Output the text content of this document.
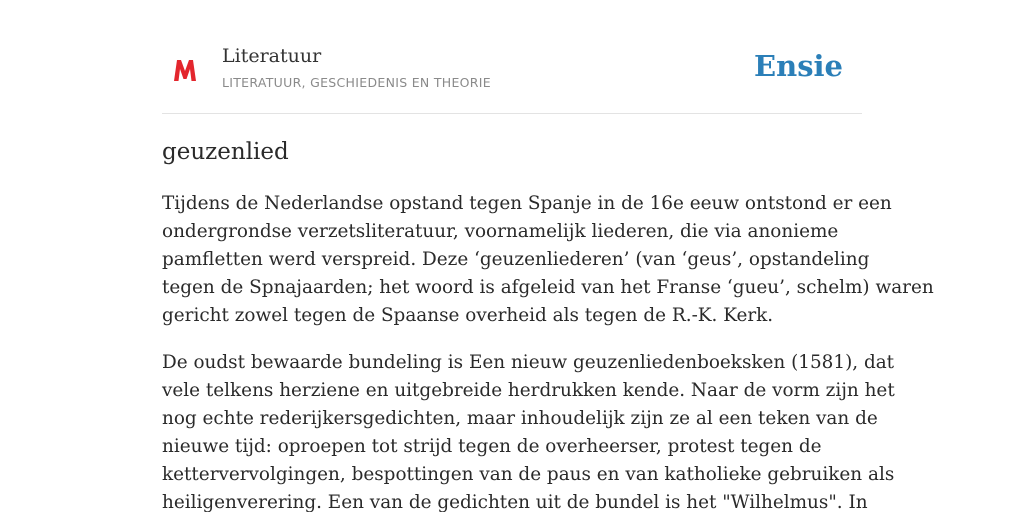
Literatuur
LITERATUUR, GESCHIEDENIS EN THEORIE	Ensie
geuzenlied

Tijdens de Nederlandse opstand tegen Spanje in de 16e eeuw ontstond er een
ondergrondse verzetsliteratuur, voornamelijk liederen, die via anonieme
pamfletten werd verspreid. Deze ‘geuzenliederen’ (van ‘geus’, opstandeling
tegen de Spnajaarden; het woord is afgeleid van het Franse ‘gueu’, schelm) waren
gericht zowel tegen de Spaanse overheid als tegen de R.-K. Kerk.

De oudst bewaarde bundeling is Een nieuw geuzenliedenboeksken (1581), dat
vele telkens herziene en uitgebreide herdrukken kende. Naar de vorm zijn het
nog echte rederijkersgedichten, maar inhoudelijk zijn ze al een teken van de
nieuwe tijd: oproepen tot strijd tegen de overheerser, protest tegen de
kettervervolgingen, bespottingen van de paus en van katholieke gebruiken als
heiligenverering. Een van de gedichten uit de bundel is het "Wilhelmus". In
